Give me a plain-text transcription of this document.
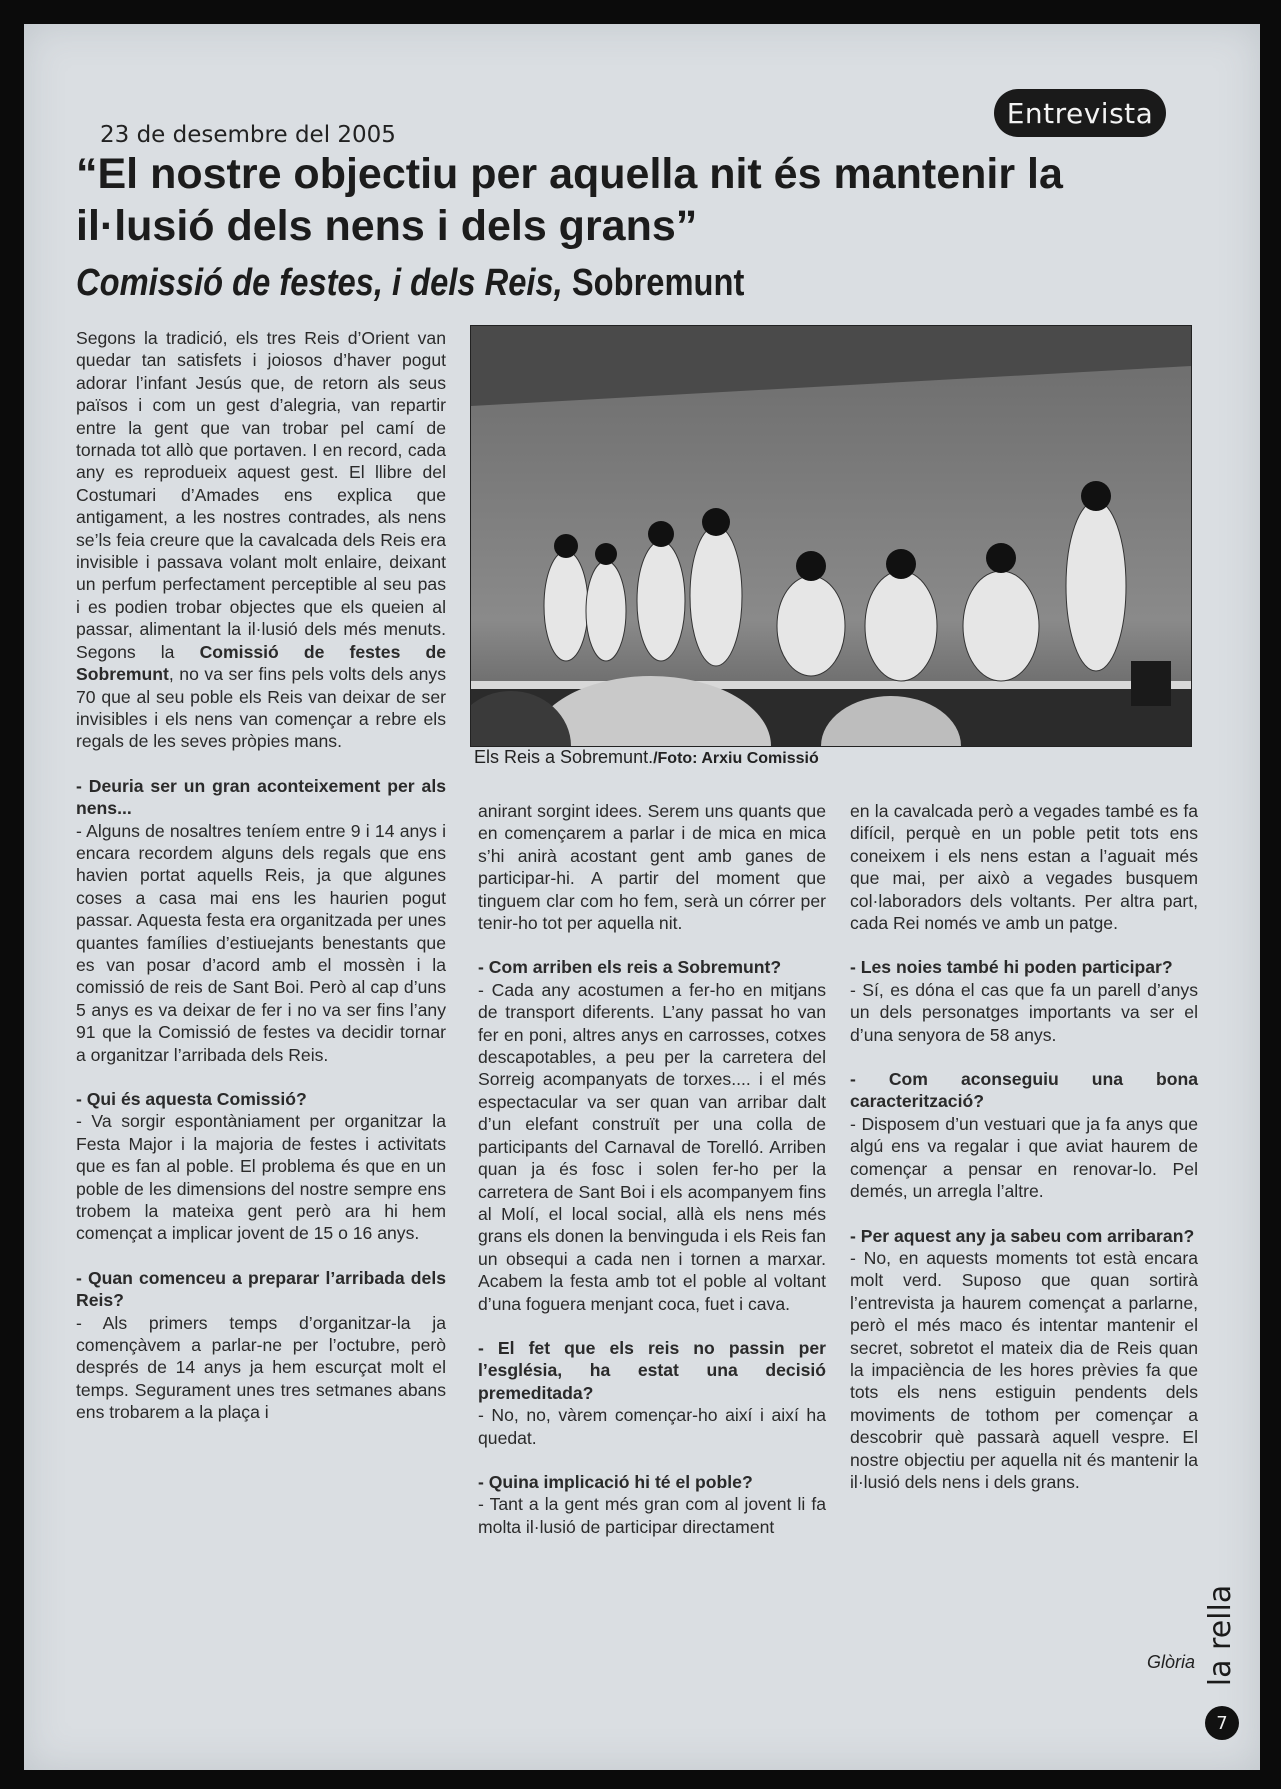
23 de desembre del 2005
Entrevista
“El nostre objectiu per aquella nit és mantenir la il·lusió dels nens i dels grans”
Comissió de festes, i dels Reis, Sobremunt

Segons la tradició, els tres Reis d’Orient van quedar tan satisfets i joiosos d’haver pogut adorar l’infant Jesús que, de retorn als seus països i com un gest d’alegria, van repartir entre la gent que van trobar pel camí de tornada tot allò que portaven. I en record, cada any es reprodueix aquest gest. El llibre del Costumari d’Amades ens explica que antigament, a les nostres contrades, als nens se’ls feia creure que la cavalcada dels Reis era invisible i passava volant molt enlaire, deixant un perfum perfectament perceptible al seu pas i es podien trobar objectes que els queien al passar, alimentant la il·lusió dels més menuts. Segons la Comissió de festes de Sobremunt, no va ser fins pels volts dels anys 70 que al seu poble els Reis van deixar de ser invisibles i els nens van començar a rebre els regals de les seves pròpies mans.

- Deuria ser un gran aconteixement per als nens...

- Alguns de nosaltres teníem entre 9 i 14 anys i encara recordem alguns dels regals que ens havien portat aquells Reis, ja que algunes coses a casa mai ens les haurien pogut passar. Aquesta festa era organitzada per unes quantes famílies d’estiuejants benestants que es van posar d’acord amb el mossèn i la comissió de reis de Sant Boi. Però al cap d’uns 5 anys es va deixar de fer i no va ser fins l’any 91 que la Comissió de festes va decidir tornar a organitzar l’arribada dels Reis.

- Qui és aquesta Comissió?

- Va sorgir espontàniament per organitzar la Festa Major i la majoria de festes i activitats que es fan al poble. El problema és que en un poble de les dimensions del nostre sempre ens trobem la mateixa gent però ara hi hem començat a implicar jovent de 15 o 16 anys.

- Quan comenceu a preparar l’arribada dels Reis?

- Als primers temps d’organitzar-la ja començàvem a parlar-ne per l’octubre, però després de 14 anys ja hem escurçat molt el temps. Segurament unes tres setmanes abans ens trobarem a la plaça i

Els Reis a Sobremunt./Foto: Arxiu Comissió

anirant sorgint idees. Serem uns quants que en començarem a parlar i de mica en mica s’hi anirà acostant gent amb ganes de participar-hi. A partir del moment que tinguem clar com ho fem, serà un córrer per tenir-ho tot per aquella nit.

- Com arriben els reis a Sobremunt?

- Cada any acostumen a fer-ho en mitjans de transport diferents. L’any passat ho van fer en poni, altres anys en carrosses, cotxes descapotables, a peu per la carretera del Sorreig acompanyats de torxes.... i el més espectacular va ser quan van arribar dalt d’un elefant construït per una colla de participants del Carnaval de Torelló. Arriben quan ja és fosc i solen fer-ho per la carretera de Sant Boi i els acompanyem fins al Molí, el local social, allà els nens més grans els donen la benvinguda i els Reis fan un obsequi a cada nen i tornen a marxar. Acabem la festa amb tot el poble al voltant d’una foguera menjant coca, fuet i cava.

- El fet que els reis no passin per l’església, ha estat una decisió premeditada?

- No, no, vàrem començar-ho així i així ha quedat.

- Quina implicació hi té el poble?

- Tant a la gent més gran com al jovent li fa molta il·lusió de participar directament

en la cavalcada però a vegades també es fa difícil, perquè en un poble petit tots ens coneixem i els nens estan a l’aguait més que mai, per això a vegades busquem col·laboradors dels voltants. Per altra part, cada Rei només ve amb un patge.

- Les noies també hi poden participar?

- Sí, es dóna el cas que fa un parell d’anys un dels personatges importants va ser el d’una senyora de 58 anys.

- Com aconseguiu una bona caracterització?

- Disposem d’un vestuari que ja fa anys que algú ens va regalar i que aviat haurem de començar a pensar en renovar-lo. Pel demés, un arregla l’altre.

- Per aquest any ja sabeu com arribaran?

- No, en aquests moments tot està encara molt verd. Suposo que quan sortirà l’entrevista ja haurem començat a parlarne, però el més maco és intentar mantenir el secret, sobretot el mateix dia de Reis quan la impaciència de les hores prèvies fa que tots els nens estiguin pendents dels moviments de tothom per començar a descobrir què passarà aquell vespre. El nostre objectiu per aquella nit és mantenir la il·lusió dels nens i dels grans.

Glòria la rella
7
